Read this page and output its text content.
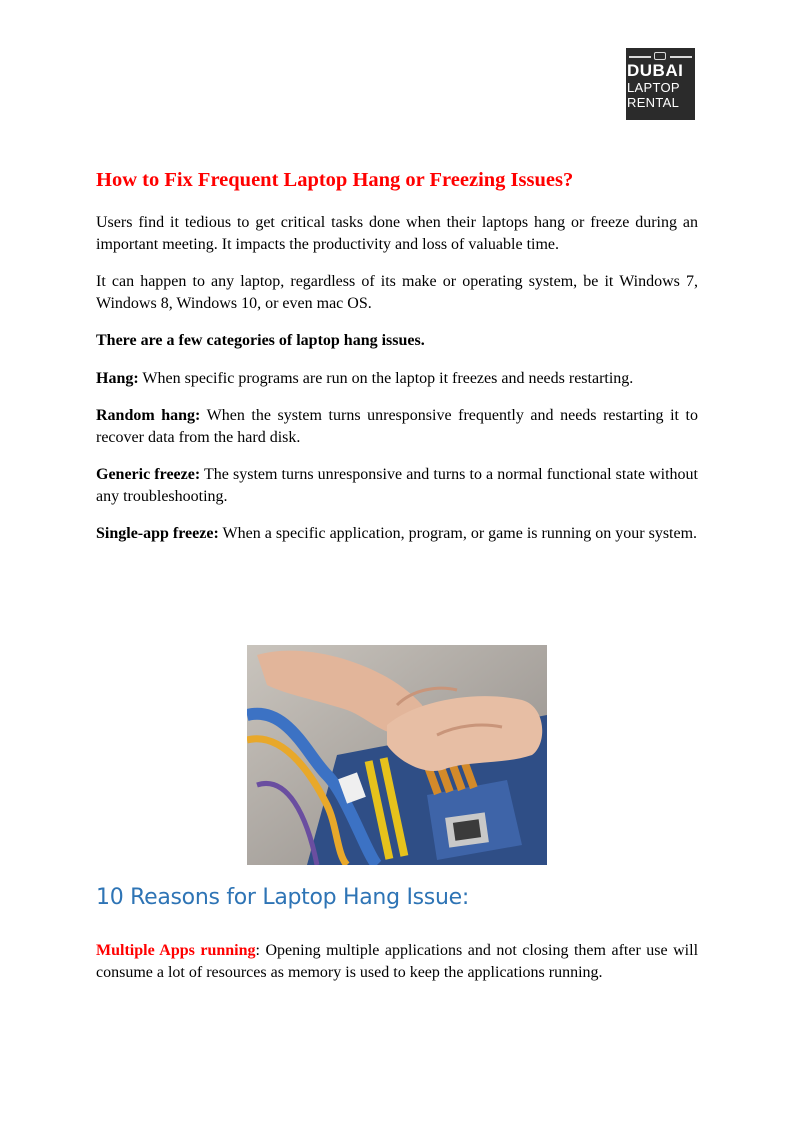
DUBAI
LAPTOP
RENTAL
How to Fix Frequent Laptop Hang or Freezing Issues?

Users find it tedious to get critical tasks done when their laptops hang or freeze during an important meeting. It impacts the productivity and loss of valuable time.

It can happen to any laptop, regardless of its make or operating system, be it Windows 7, Windows 8, Windows 10, or even mac OS.

There are a few categories of laptop hang issues.

Hang: When specific programs are run on the laptop it freezes and needs restarting.

Random hang: When the system turns unresponsive frequently and needs restarting it to recover data from the hard disk.

Generic freeze: The system turns unresponsive and turns to a normal functional state without any troubleshooting.

Single-app freeze: When a specific application, program, or game is running on your system.

10 Reasons for Laptop Hang Issue:

Multiple Apps running: Opening multiple applications and not closing them after use will consume a lot of resources as memory is used to keep the applications running.
